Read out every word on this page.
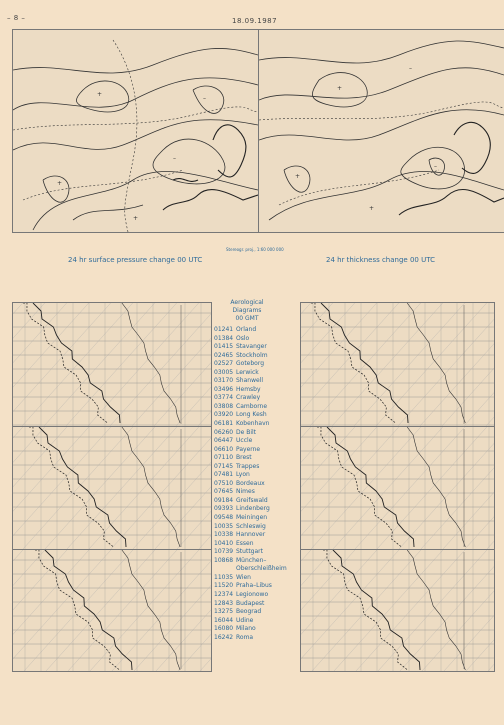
– 8 –	18.09.1987
+
–
+
–
+
+
–
+
–
+
Stereogr. proj., 1:60 000 000
24 hr surface pressure change 00 UTC	24 hr thickness change 00 UTC
Aerological
Diagrams
00 GMT
01241 Orland
01384 Oslo
01415 Stavanger
02465 Stockholm
02527 Goteborg
03005 Lerwick
03170 Shanwell
03496 Hemsby
03774 Crawley
03808 Camborne
03920 Long Kesh
06181 Kobenhavn
06260 De Bilt
06447 Uccle
06610 Payerne
07110 Brest
07145 Trappes
07481 Lyon
07510 Bordeaux
07645 Nimes
09184 Greifswald
09393 Lindenberg
09548 Meiningen
10035 Schleswig
10338 Hannover
10410 Essen
10739 Stuttgart
10868 München–
Oberschleißheim
11035 Wien
11520 Praha–Libus
12374 Legionowo
12843 Budapest
13275 Beograd
16044 Udine
16080 Milano
16242 Roma
